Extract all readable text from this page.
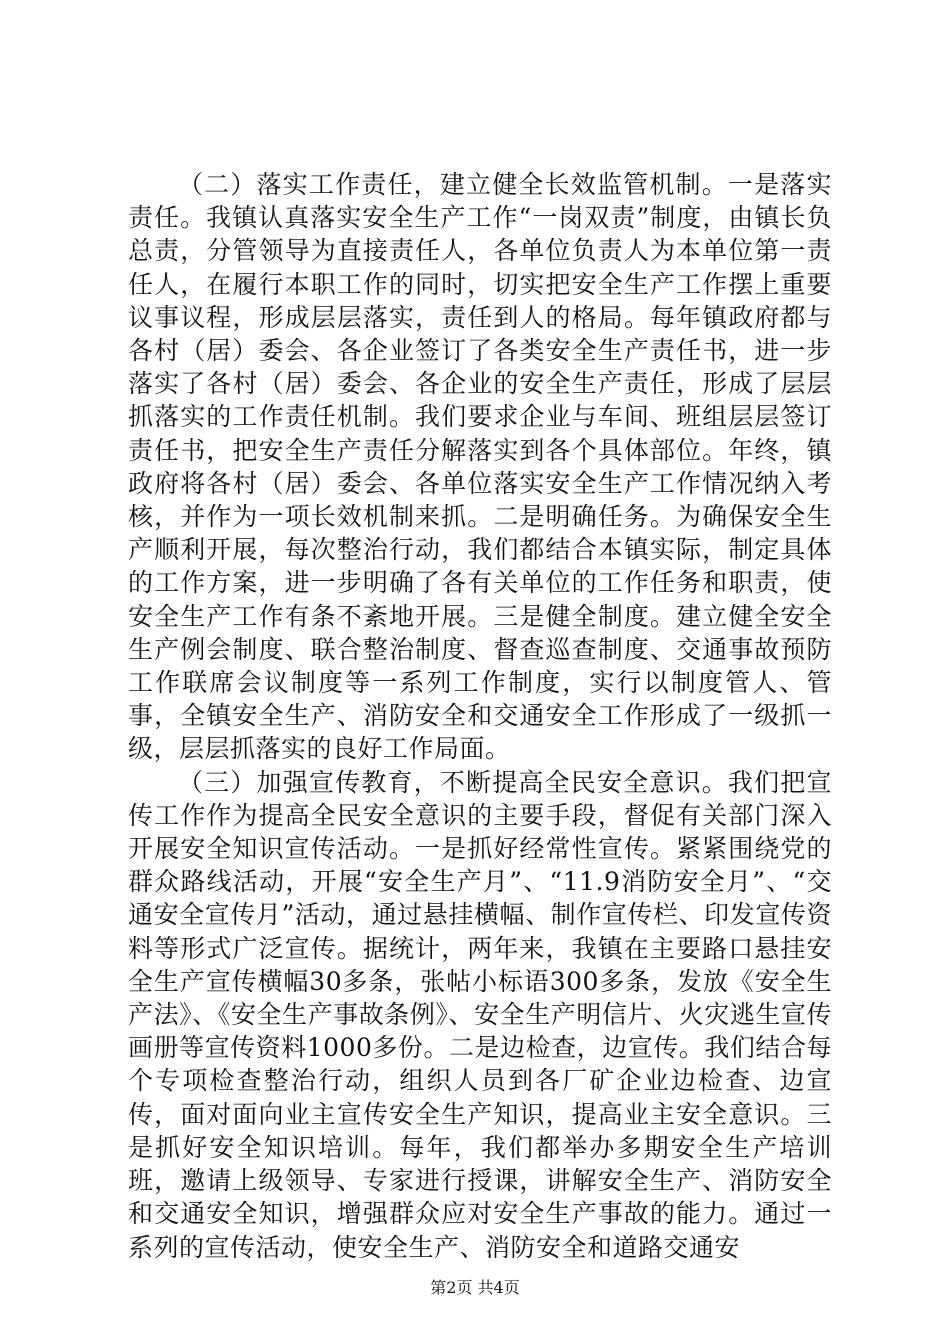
（二）落实工作责任，建立健全长效监管机制。一是落实责任。我镇认真落实安全生产工作“一岗双责”制度，由镇长负总责，分管领导为直接责任人，各单位负责人为本单位第一责任人，在履行本职工作的同时，切实把安全生产工作摆上重要议事议程，形成层层落实，责任到人的格局。每年镇政府都与各村（居）委会、各企业签订了各类安全生产责任书，进一步落实了各村（居）委会、各企业的安全生产责任，形成了层层抓落实的工作责任机制。我们要求企业与车间、班组层层签订责任书，把安全生产责任分解落实到各个具体部位。年终，镇政府将各村（居）委会、各单位落实安全生产工作情况纳入考核，并作为一项长效机制来抓。二是明确任务。为确保安全生产顺利开展，每次整治行动，我们都结合本镇实际，制定具体的工作方案，进一步明确了各有关单位的工作任务和职责，使安全生产工作有条不紊地开展。三是健全制度。建立健全安全生产例会制度、联合整治制度、督查巡查制度、交通事故预防工作联席会议制度等一系列工作制度，实行以制度管人、管事，全镇安全生产、消防安全和交通安全工作形成了一级抓一级，层层抓落实的良好工作局面。

（三）加强宣传教育，不断提高全民安全意识。我们把宣传工作作为提高全民安全意识的主要手段，督促有关部门深入开展安全知识宣传活动。一是抓好经常性宣传。紧紧围绕党的群众路线活动，开展“安全生产月”、“11.9消防安全月”、“交通安全宣传月”活动，通过悬挂横幅、制作宣传栏、印发宣传资料等形式广泛宣传。据统计，两年来，我镇在主要路口悬挂安全生产宣传横幅30多条，张帖小标语300多条，发放《安全生产法》、《安全生产事故条例》、安全生产明信片、火灾逃生宣传画册等宣传资料1000多份。二是边检查，边宣传。我们结合每个专项检查整治行动，组织人员到各厂矿企业边检查、边宣传，面对面向业主宣传安全生产知识，提高业主安全意识。三是抓好安全知识培训。每年，我们都举办多期安全生产培训班，邀请上级领导、专家进行授课，讲解安全生产、消防安全和交通安全知识，增强群众应对安全生产事故的能力。通过一系列的宣传活动，使安全生产、消防安全和道路交通安

第2页 共4页
